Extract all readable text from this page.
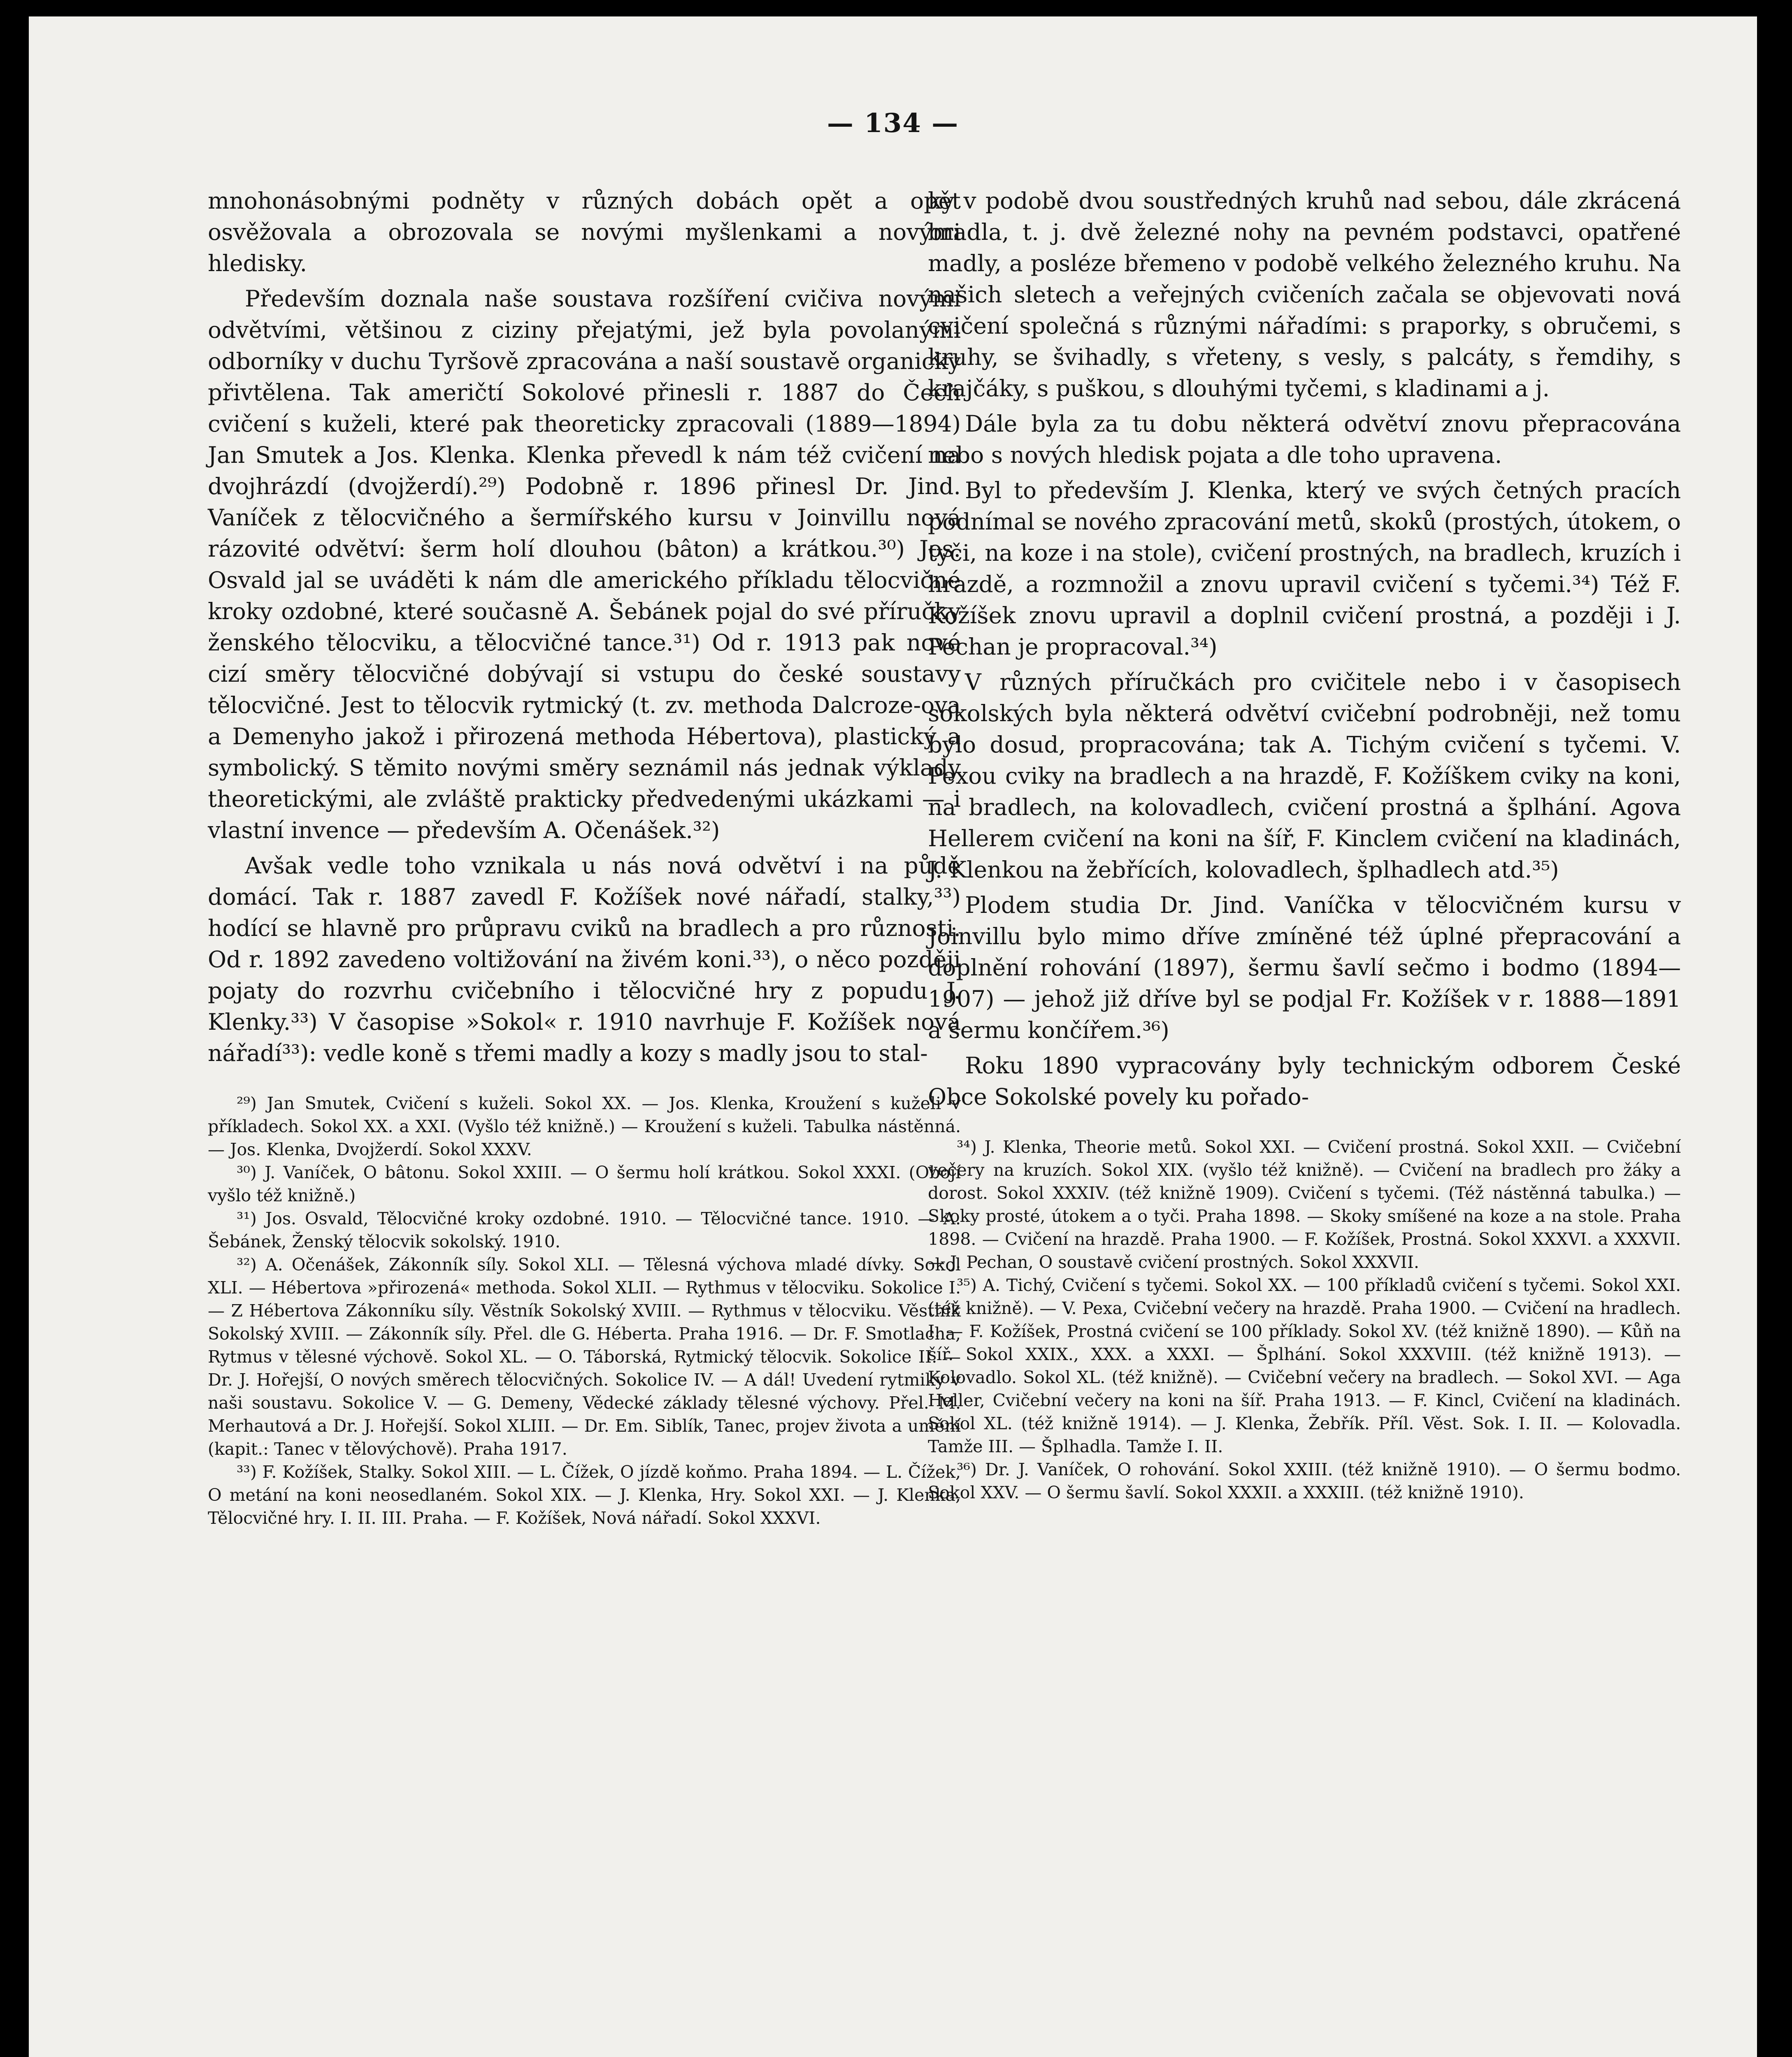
— 134 —

mnohonásobnými podněty v různých dobách opět a opět osvěžovala a obrozovala se novými myšlenkami a novými hledisky.

Především doznala naše soustava rozšíření cvičiva novými odvětvími, většinou z ciziny přejatými, jež byla povolanými odborníky v duchu Tyršově zpracována a naší soustavě organicky přivtělena. Tak američtí Sokolové přinesli r. 1887 do Čech cvičení s kuželi, které pak theoreticky zpracovali (1889—1894) Jan Smutek a Jos. Klenka. Klenka převedl k nám též cvičení na dvojhrázdí (dvojžerdí).²⁹) Podobně r. 1896 přinesl Dr. Jind. Vaníček z tělocvičného a šermířského kursu v Joinvillu nová rázovité odvětví: šerm holí dlouhou (bâton) a krátkou.³⁰) Jos. Osvald jal se uváděti k nám dle amerického příkladu tělocvičné kroky ozdobné, které současně A. Šebánek pojal do své příručky ženského tělocviku, a tělocvičné tance.³¹) Od r. 1913 pak nové cizí směry tělocvičné dobývají si vstupu do české soustavy tělocvičné. Jest to tělocvik rytmický (t. zv. methoda Dalcroze-ova a Demenyho jakož i přirozená methoda Hébertova), plastický a symbolický. S těmito novými směry seznámil nás jednak výklady theoretickými, ale zvláště prakticky předvedenými ukázkami — i vlastní invence — především A. Očenášek.³²)

Avšak vedle toho vznikala u nás nová odvětví i na půdě domácí. Tak r. 1887 zavedl F. Kožíšek nové nářadí, stalky,³³) hodící se hlavně pro průpravu cviků na bradlech a pro různosti. Od r. 1892 zavedeno voltižování na živém koni.³³), o něco později pojaty do rozvrhu cvičebního i tělocvičné hry z popudu J. Klenky.³³) V časopise »Sokol« r. 1910 navrhuje F. Kožíšek nová nářadí³³): vedle koně s třemi madly a kozy s madly jsou to stal-

²⁹) Jan Smutek, Cvičení s kuželi. Sokol XX. — Jos. Klenka, Kroužení s kuželi v příkladech. Sokol XX. a XXI. (Vyšlo též knižně.) — Kroužení s kuželi. Tabulka nástěnná. — Jos. Klenka, Dvojžerdí. Sokol XXXV.

³⁰) J. Vaníček, O bâtonu. Sokol XXIII. — O šermu holí krátkou. Sokol XXXI. (Obojí vyšlo též knižně.)

³¹) Jos. Osvald, Tělocvičné kroky ozdobné. 1910. — Tělocvičné tance. 1910. — A. Šebánek, Ženský tělocvik sokolský. 1910.

³²) A. Očenášek, Zákonník síly. Sokol XLI. — Tělesná výchova mladé dívky. Sokol XLI. — Hébertova »přirozená« methoda. Sokol XLII. — Rythmus v tělocviku. Sokolice I. — Z Hébertova Zákonníku síly. Věstník Sokolský XVIII. — Rythmus v tělocviku. Věstník Sokolský XVIII. — Zákonník síly. Přel. dle G. Héberta. Praha 1916. — Dr. F. Smotlacha, Rytmus v tělesné výchově. Sokol XL. — O. Táborská, Rytmický tělocvik. Sokolice II. — Dr. J. Hořejší, O nových směrech tělocvičných. Sokolice IV. — A dál! Uvedení rytmiky v naši soustavu. Sokolice V. — G. Demeny, Vědecké základy tělesné výchovy. Přel. M. Merhautová a Dr. J. Hořejší. Sokol XLIII. — Dr. Em. Siblík, Tanec, projev života a umění (kapit.: Tanec v tělovýchově). Praha 1917.

³³) F. Kožíšek, Stalky. Sokol XIII. — L. Čížek, O jízdě koňmo. Praha 1894. — L. Čížek, O metání na koni neosedlaném. Sokol XIX. — J. Klenka, Hry. Sokol XXI. — J. Klenka, Tělocvičné hry. I. II. III. Praha. — F. Kožíšek, Nová nářadí. Sokol XXXVI.

ky v podobě dvou soustředných kruhů nad sebou, dále zkrácená bradla, t. j. dvě železné nohy na pevném podstavci, opatřené madly, a posléze břemeno v podobě velkého železného kruhu. Na našich sletech a veřejných cvičeních začala se objevovati nová cvičení společná s různými nářadími: s praporky, s obručemi, s kruhy, se švihadly, s vřeteny, s vesly, s palcáty, s řemdihy, s krajčáky, s puškou, s dlouhými tyčemi, s kladinami a j.

Dále byla za tu dobu některá odvětví znovu přepracována nebo s nových hledisk pojata a dle toho upravena.

Byl to především J. Klenka, který ve svých četných pracích podnímal se nového zpracování metů, skoků (prostých, útokem, o tyči, na koze i na stole), cvičení prostných, na bradlech, kruzích i hrazdě, a rozmnožil a znovu upravil cvičení s tyčemi.³⁴) Též F. Kožíšek znovu upravil a doplnil cvičení prostná, a později i J. Pechan je propracoval.³⁴)

V různých příručkách pro cvičitele nebo i v časopisech sokolských byla některá odvětví cvičební podrobněji, než tomu bylo dosud, propracována; tak A. Tichým cvičení s tyčemi. V. Pexou cviky na bradlech a na hrazdě, F. Kožíškem cviky na koni, na bradlech, na kolovadlech, cvičení prostná a šplhání. Agova Hellerem cvičení na koni na šíř, F. Kinclem cvičení na kladinách, J. Klenkou na žebřících, kolovadlech, šplhadlech atd.³⁵)

Plodem studia Dr. Jind. Vaníčka v tělocvičném kursu v Joinvillu bylo mimo dříve zmíněné též úplné přepracování a doplnění rohování (1897), šermu šavlí sečmo i bodmo (1894—1907) — jehož již dříve byl se podjal Fr. Kožíšek v r. 1888—1891 a šermu končířem.³⁶)

Roku 1890 vypracovány byly technickým odborem České Obce Sokolské povely ku pořado-

³⁴) J. Klenka, Theorie metů. Sokol XXI. — Cvičení prostná. Sokol XXII. — Cvičební večery na kruzích. Sokol XIX. (vyšlo též knižně). — Cvičení na bradlech pro žáky a dorost. Sokol XXXIV. (též knižně 1909). Cvičení s tyčemi. (Též nástěnná tabulka.) — Skoky prosté, útokem a o tyči. Praha 1898. — Skoky smíšené na koze a na stole. Praha 1898. — Cvičení na hrazdě. Praha 1900. — F. Kožíšek, Prostná. Sokol XXXVI. a XXXVII. — J. Pechan, O soustavě cvičení prostných. Sokol XXXVII.

³⁵) A. Tichý, Cvičení s tyčemi. Sokol XX. — 100 příkladů cvičení s tyčemi. Sokol XXI. (též knižně). — V. Pexa, Cvičební večery na hrazdě. Praha 1900. — Cvičení na hradlech. I. — F. Kožíšek, Prostná cvičení se 100 příklady. Sokol XV. (též knižně 1890). — Kůň na šíř. Sokol XXIX., XXX. a XXXI. — Šplhání. Sokol XXXVIII. (též knižně 1913). — Kolovadlo. Sokol XL. (též knižně). — Cvičební večery na bradlech. — Sokol XVI. — Aga Heller, Cvičební večery na koni na šíř. Praha 1913. — F. Kincl, Cvičení na kladinách. Sokol XL. (též knižně 1914). — J. Klenka, Žebřík. Příl. Věst. Sok. I. II. — Kolovadla. Tamže III. — Šplhadla. Tamže I. II.

³⁶) Dr. J. Vaníček, O rohování. Sokol XXIII. (též knižně 1910). — O šermu bodmo. Sokol XXV. — O šermu šavlí. Sokol XXXII. a XXXIII. (též knižně 1910).
